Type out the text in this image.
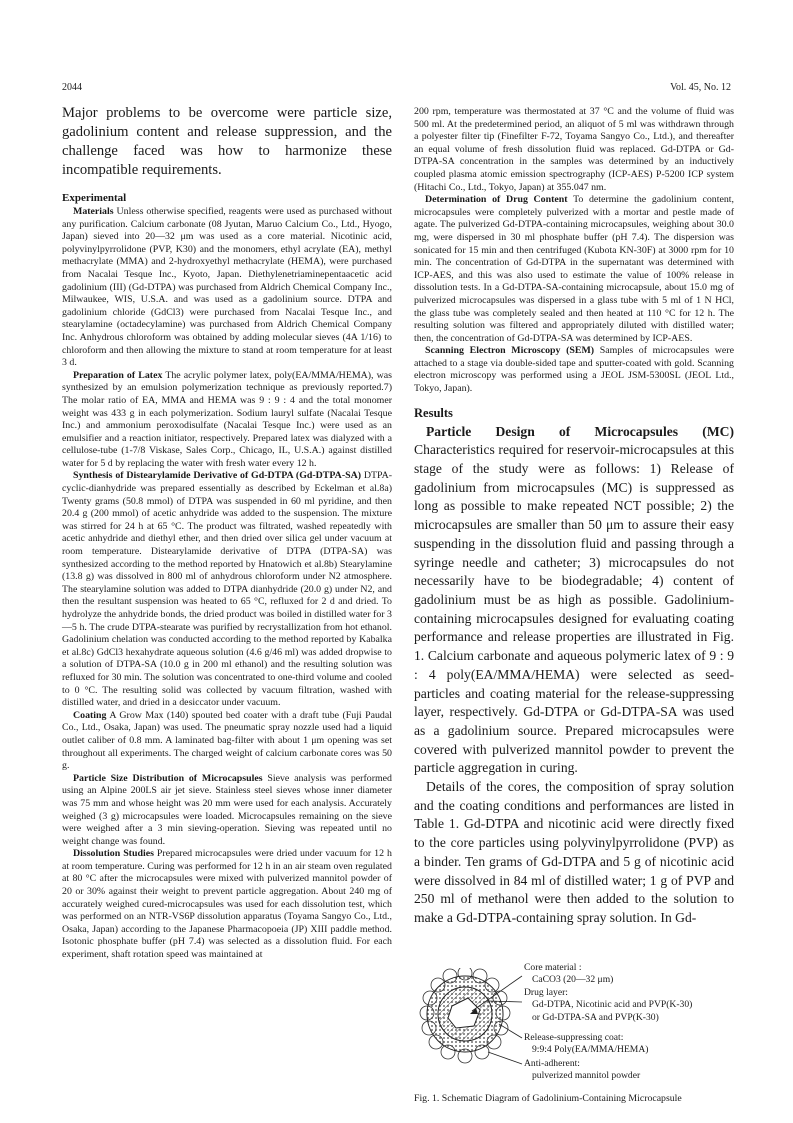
2044	Vol. 45, No. 12

Major problems to be overcome were particle size, gadolinium content and release suppression, and the challenge faced was how to harmonize these incompatible requirements.

Experimental

Materials Unless otherwise specified, reagents were used as purchased without any purification. Calcium carbonate (08 Jyutan, Maruo Calcium Co., Ltd., Hyogo, Japan) sieved into 20—32 μm was used as a core material. Nicotinic acid, polyvinylpyrrolidone (PVP, K30) and the monomers, ethyl acrylate (EA), methyl methacrylate (MMA) and 2-hydroxyethyl methacrylate (HEMA), were purchased from Nacalai Tesque Inc., Kyoto, Japan. Diethylenetriaminepentaacetic acid gadolinium (III) (Gd-DTPA) was purchased from Aldrich Chemical Company Inc., Milwaukee, WIS, U.S.A. and was used as a gadolinium source. DTPA and gadolinium chloride (GdCl3) were purchased from Nacalai Tesque Inc., and stearylamine (octadecylamine) was purchased from Aldrich Chemical Company Inc. Anhydrous chloroform was obtained by adding molecular sieves (4A 1/16) to chloroform and then allowing the mixture to stand at room temperature for at least 3 d.

Preparation of Latex The acrylic polymer latex, poly(EA/MMA/HEMA), was synthesized by an emulsion polymerization technique as previously reported.7) The molar ratio of EA, MMA and HEMA was 9 : 9 : 4 and the total monomer weight was 433 g in each polymerization. Sodium lauryl sulfate (Nacalai Tesque Inc.) and ammonium peroxodisulfate (Nacalai Tesque Inc.) were used as an emulsifier and a reaction initiator, respectively. Prepared latex was dialyzed with a cellulose-tube (1-7/8 Viskase, Sales Corp., Chicago, IL, U.S.A.) against distilled water for 5 d by replacing the water with fresh water every 12 h.

Synthesis of Distearylamide Derivative of Gd-DTPA (Gd-DTPA-SA) DTPA-cyclic-dianhydride was prepared essentially as described by Eckelman et al.8a) Twenty grams (50.8 mmol) of DTPA was suspended in 60 ml pyridine, and then 20.4 g (200 mmol) of acetic anhydride was added to the suspension. The mixture was stirred for 24 h at 65 °C. The product was filtrated, washed repeatedly with acetic anhydride and diethyl ether, and then dried over silica gel under vacuum at room temperature. Distearylamide derivative of DTPA (DTPA-SA) was synthesized according to the method reported by Hnatowich et al.8b) Stearylamine (13.8 g) was dissolved in 800 ml of anhydrous chloroform under N2 atmosphere. The stearylamine solution was added to DTPA dianhydride (20.0 g) under N2, and then the resultant suspension was heated to 65 °C, refluxed for 2 d and dried. To hydrolyze the anhydride bonds, the dried product was boiled in distilled water for 3—5 h. The crude DTPA-stearate was purified by recrystallization from hot ethanol. Gadolinium chelation was conducted according to the method reported by Kabalka et al.8c) GdCl3 hexahydrate aqueous solution (4.6 g/46 ml) was added dropwise to a solution of DTPA-SA (10.0 g in 200 ml ethanol) and the resulting solution was refluxed for 30 min. The solution was concentrated to one-third volume and cooled to 0 °C. The resulting solid was collected by vacuum filtration, washed with distilled water, and dried in a desiccator under vacuum.

Coating A Grow Max (140) spouted bed coater with a draft tube (Fuji Paudal Co., Ltd., Osaka, Japan) was used. The pneumatic spray nozzle used had a liquid outlet caliber of 0.8 mm. A laminated bag-filter with about 1 μm opening was set throughout all experiments. The charged weight of calcium carbonate cores was 50 g.

Particle Size Distribution of Microcapsules Sieve analysis was performed using an Alpine 200LS air jet sieve. Stainless steel sieves whose inner diameter was 75 mm and whose height was 20 mm were used for each analysis. Accurately weighed (3 g) microcapsules were loaded. Microcapsules remaining on the sieve were weighed after a 3 min sieving-operation. Sieving was repeated until no weight change was found.

Dissolution Studies Prepared microcapsules were dried under vacuum for 12 h at room temperature. Curing was performed for 12 h in an air steam oven regulated at 80 °C after the microcapsules were mixed with pulverized mannitol powder of 20 or 30% against their weight to prevent particle aggregation. About 240 mg of accurately weighed cured-microcapsules was used for each dissolution test, which was performed on an NTR-VS6P dissolution apparatus (Toyama Sangyo Co., Ltd., Osaka, Japan) according to the Japanese Pharmacopoeia (JP) XIII paddle method. Isotonic phosphate buffer (pH 7.4) was selected as a dissolution fluid. For each experiment, shaft rotation speed was maintained at

200 rpm, temperature was thermostated at 37 °C and the volume of fluid was 500 ml. At the predetermined period, an aliquot of 5 ml was withdrawn through a polyester filter tip (Finefilter F-72, Toyama Sangyo Co., Ltd.), and thereafter an equal volume of fresh dissolution fluid was replaced. Gd-DTPA or Gd-DTPA-SA concentration in the samples was determined by an inductively coupled plasma atomic emission spectrography (ICP-AES) P-5200 ICP system (Hitachi Co., Ltd., Tokyo, Japan) at 355.047 nm.

Determination of Drug Content To determine the gadolinium content, microcapsules were completely pulverized with a mortar and pestle made of agate. The pulverized Gd-DTPA-containing microcapsules, weighing about 30.0 mg, were dispersed in 30 ml phosphate buffer (pH 7.4). The dispersion was sonicated for 15 min and then centrifuged (Kubota KN-30F) at 3000 rpm for 10 min. The concentration of Gd-DTPA in the supernatant was determined with ICP-AES, and this was also used to estimate the value of 100% release in dissolution tests. In a Gd-DTPA-SA-containing microcapsule, about 15.0 mg of pulverized microcapsules was dispersed in a glass tube with 5 ml of 1 N HCl, the glass tube was completely sealed and then heated at 110 °C for 12 h. The resulting solution was filtered and appropriately diluted with distilled water; then, the concentration of Gd-DTPA-SA was determined by ICP-AES.

Scanning Electron Microscopy (SEM) Samples of microcapsules were attached to a stage via double-sided tape and sputter-coated with gold. Scanning electron microscopy was performed using a JEOL JSM-5300SL (JEOL Ltd., Tokyo, Japan).

Results

Particle Design of Microcapsules (MC) Characteristics required for reservoir-microcapsules at this stage of the study were as follows: 1) Release of gadolinium from microcapsules (MC) is suppressed as long as possible to make repeated NCT possible; 2) the microcapsules are smaller than 50 μm to assure their easy suspending in the dissolution fluid and passing through a syringe needle and catheter; 3) microcapsules do not necessarily have to be biodegradable; 4) content of gadolinium must be as high as possible. Gadolinium-containing microcapsules designed for evaluating coating performance and release properties are illustrated in Fig. 1. Calcium carbonate and aqueous polymeric latex of 9 : 9 : 4 poly(EA/MMA/HEMA) were selected as seed-particles and coating material for the release-suppressing layer, respectively. Gd-DTPA or Gd-DTPA-SA was used as a gadolinium source. Prepared microcapsules were covered with pulverized mannitol powder to prevent the particle aggregation in curing.

Details of the cores, the composition of spray solution and the coating conditions and performances are listed in Table 1. Gd-DTPA and nicotinic acid were directly fixed to the core particles using polyvinylpyrrolidone (PVP) as a binder. Ten grams of Gd-DTPA and 5 g of nicotinic acid were dissolved in 84 ml of distilled water; 1 g of PVP and 250 ml of methanol were then added to the solution to make a Gd-DTPA-containing spray solution. In Gd-

Core material :
CaCO3 (20—32 μm)
Drug layer:
Gd-DTPA, Nicotinic acid and PVP(K-30)
or Gd-DTPA-SA and PVP(K-30)
Release-suppressing coat:
9:9:4 Poly(EA/MMA/HEMA)
Anti-adherent:
pulverized mannitol powder
Fig. 1. Schematic Diagram of Gadolinium-Containing Microcapsule
